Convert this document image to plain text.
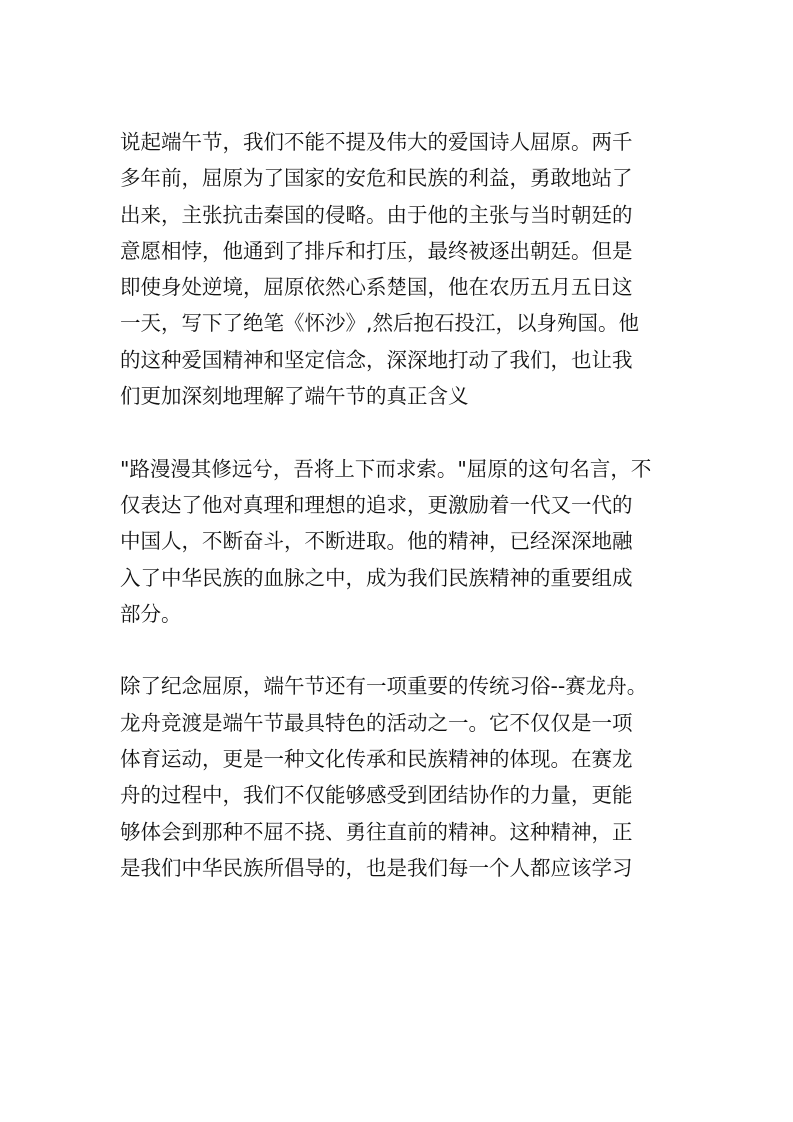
说起端午节，我们不能不提及伟大的爱国诗人屈原。两千
多年前，屈原为了国家的安危和民族的利益，勇敢地站了
出来，主张抗击秦国的侵略。由于他的主张与当时朝廷的
意愿相悖，他通到了排斥和打压，最终被逐出朝廷。但是
即使身处逆境，屈原依然心系楚国，他在农历五月五日这
一天，写下了绝笔《怀沙》,然后抱石投江，以身殉国。他
的这种爱国精神和坚定信念，深深地打动了我们，也让我
们更加深刻地理解了端午节的真正含义
"路漫漫其修远兮，吾将上下而求索。"屈原的这句名言，不
仅表达了他对真理和理想的追求，更激励着一代又一代的
中国人，不断奋斗，不断进取。他的精神，已经深深地融
入了中华民族的血脉之中，成为我们民族精神的重要组成
部分。
除了纪念屈原，端午节还有一项重要的传统习俗--赛龙舟。
龙舟竞渡是端午节最具特色的活动之一。它不仅仅是一项
体育运动，更是一种文化传承和民族精神的体现。在赛龙
舟的过程中，我们不仅能够感受到团结协作的力量，更能
够体会到那种不屈不挠、勇往直前的精神。这种精神，正
是我们中华民族所倡导的，也是我们每一个人都应该学习
